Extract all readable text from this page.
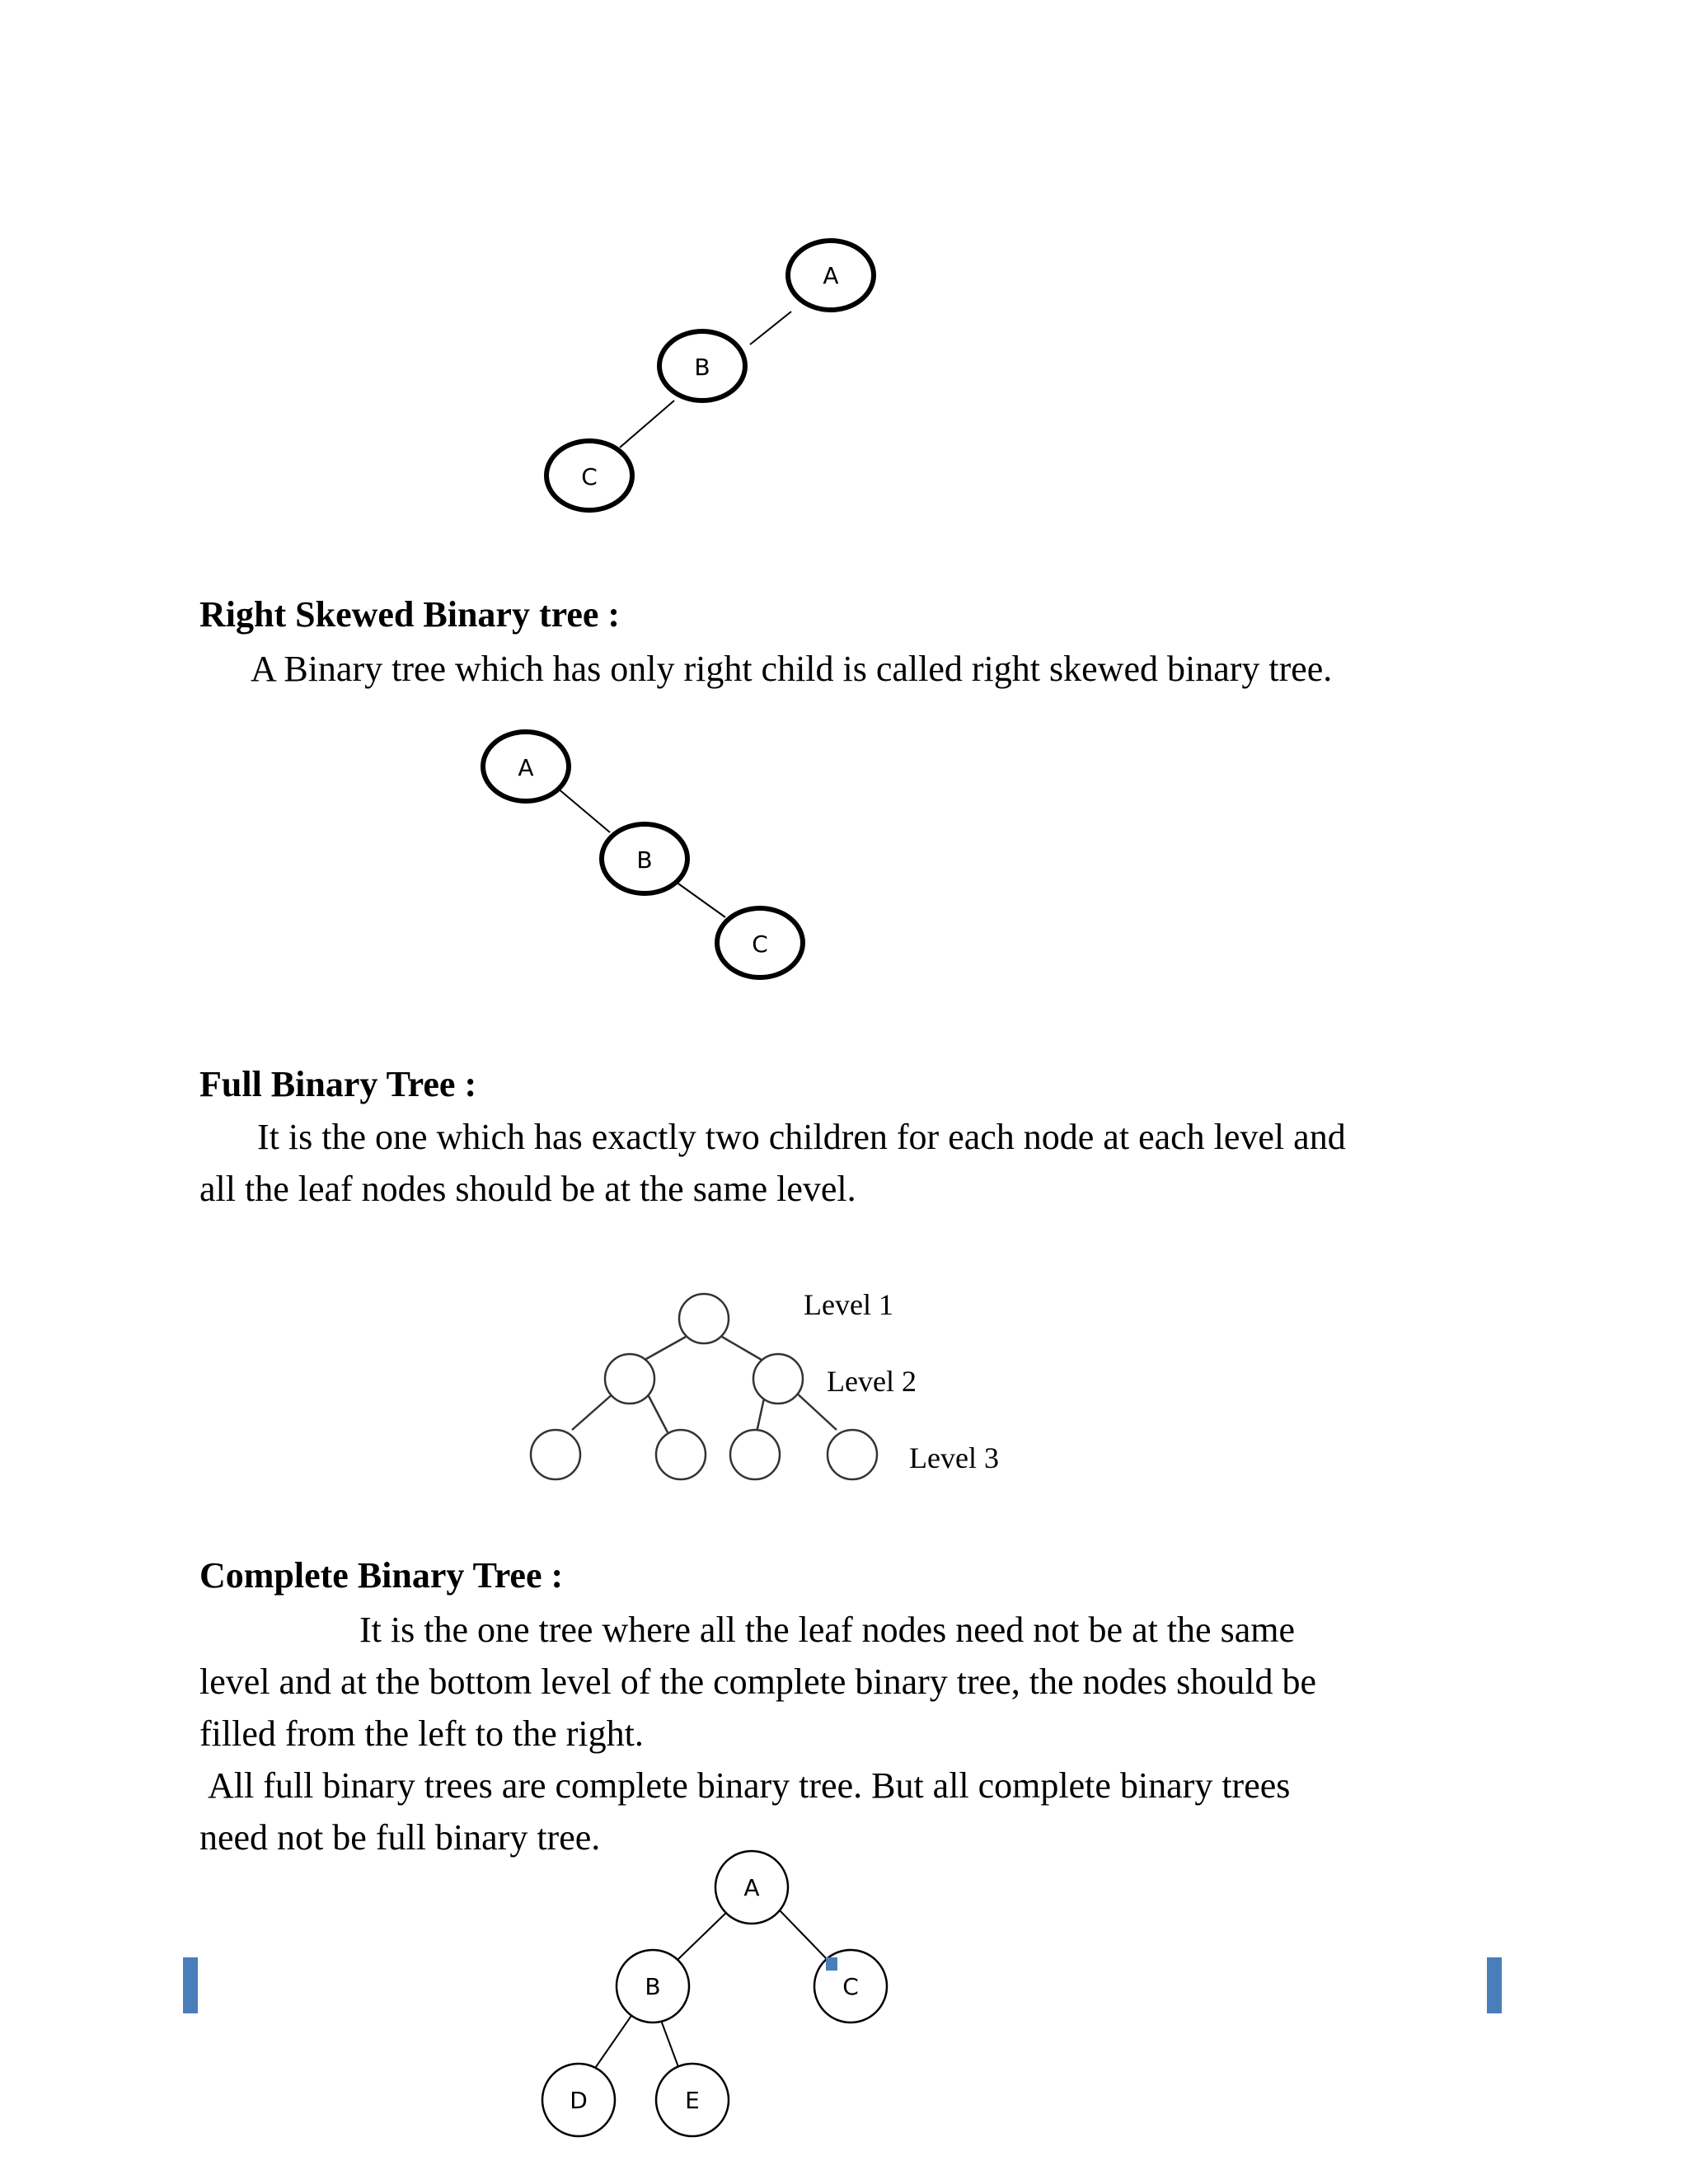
A
B
C
A
B
C
A
B	C
D	E
Right Skewed Binary tree :
A Binary tree which has only right child is called right skewed binary tree.
Full Binary Tree :
It is the one which has exactly two children for each node at each level and
all the leaf nodes should be at the same level.
Level 1
Level 2
Level 3
Complete Binary Tree :
It is the one tree where all the leaf nodes need not be at the same
level and at the bottom level of the complete binary tree, the nodes should be
filled from the left to the right.
All full binary trees are complete binary tree. But all complete binary trees
need not be full binary tree.
